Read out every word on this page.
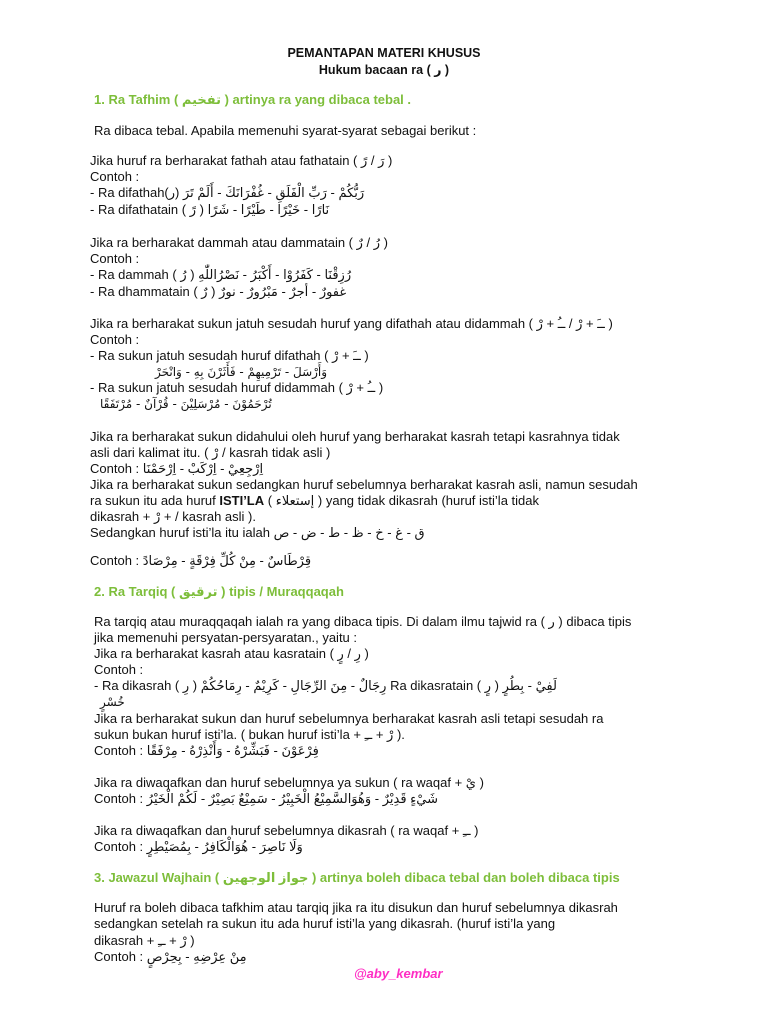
PEMANTAPAN MATERI KHUSUS
Hukum bacaan ra ( ر )
1. Ra Tafhim ( تفخيم ) artinya ra yang dibaca tebal .
Ra dibaca tebal. Apabila memenuhi syarat-syarat sebagai berikut :
Jika huruf ra berharakat fathah atau fathatain ( رَ / رً )
Contoh :
- Ra difathah(ر) رَبُّكُمْ - رَبِّ الْفَلَقِ - غُفْرَانَكَ - أَلَمْ تَرَ
- Ra difathatain ( رً ) نَارًا - خَيْرًا - طَيْرًا - شَرًا
Jika ra berharakat dammah atau dammatain ( رُ / رٌ )
Contoh :
- Ra dammah ( رُ ) رُزِقْنَا - كَفَرُوْا - أَكْبَرُ - نَصْرُاللّٰهِ
- Ra dhammatain ( رٌ ) غفورٌ - أجرٌ - مَبْرُورٌ - نورٌ
Jika ra berharakat sukun jatuh sesudah huruf yang difathah atau didammah ( ــَ + رْ / ــُ + رْ )
Contoh :
- Ra sukun jatuh sesudah huruf difathah ( ــَ + رْ )
وَأَرْسَلَ - تَرْمِيهِمْ - فَأَثَرْنَ بِهِ - وَانْحَرْ
- Ra sukun jatuh sesudah huruf didammah ( ــُ + رْ )
تُرْحَمُوْنَ - مُرْسَلِيْنَ - قُرْآنٌ - مُرْتَفَقًا
Jika ra berharakat sukun didahului oleh huruf yang berharakat kasrah tetapi kasrahnya tidak
asli dari kalimat itu. ( رْ / kasrah tidak asli )
Contoh : اِرْجِعِيْ - اِرْكَبْ - اِرْحَمْنَا
Jika ra berharakat sukun sedangkan huruf sebelumnya berharakat kasrah asli, namun sesudah
ra sukun itu ada huruf ISTI’LA ( إستعلاء ) yang tidak dikasrah (huruf isti’la tidak
dikasrah + رْ + / kasrah asli ).
Sedangkan huruf isti’la itu ialah ق - غ - خ - ظ - ط - ض - ص
Contoh : قِرْطَاسٌ - مِنْ كُلِّ فِرْقَةٍ - مِرْصَادً
2. Ra Tarqiq ( ترقيق ) tipis / Muraqqaqah
Ra tarqiq atau muraqqaqah ialah ra yang dibaca tipis. Di dalam ilmu tajwid ra ( ر ) dibaca tipis
jika memenuhi persyatan-persyaratan., yaitu :
Jika ra berharakat kasrah atau kasratain ( رِ / رٍ )
Contoh :
- Ra dikasrah ( رِ ) رِجَالٌ - مِنَ الرِّجَالِ - كَرِيْمٌ - رِمَاحُكُمْ Ra dikasratain ( رٍ ) لَفِيْ - بِطُرٍ
خُسْرٍ
Jika ra berharakat sukun dan huruf sebelumnya berharakat kasrah asli tetapi sesudah ra
sukun bukan huruf isti’la. ( bukan huruf isti’la + رْ + ــِ ).
Contoh : فِرْعَوْنَ - فَبَشِّرْهُ - وَأَنْذِرْهُ - مِرْفَقًا
Jika ra diwaqafkan dan huruf sebelumnya ya sukun ( ra waqaf + يْ )
Contoh : شَيْءٍ قَدِيْرٌ - وَهُوَالسَّمِيْعُ الْخَبِيْرُ - سَمِيْعٌ بَصِيْرٌ - لَكُمْ الْخَيْرُ
Jika ra diwaqafkan dan huruf sebelumnya dikasrah ( ra waqaf + ــِ )
Contoh : وَلَا نَاصِرَ - هُوَالْكَافِرُ - بِمُصَيْطِرٍ
3. Jawazul Wajhain ( جواز الوجهين ) artinya boleh dibaca tebal dan boleh dibaca tipis
Huruf ra boleh dibaca tafkhim atau tarqiq jika ra itu disukun dan huruf sebelumnya dikasrah
sedangkan setelah ra sukun itu ada huruf isti’la yang dikasrah. (huruf isti’la yang
dikasrah + رْ + ــِ )
Contoh : مِنْ عِرْضِهِ - بِحِرْصٍ
@aby_kembar
